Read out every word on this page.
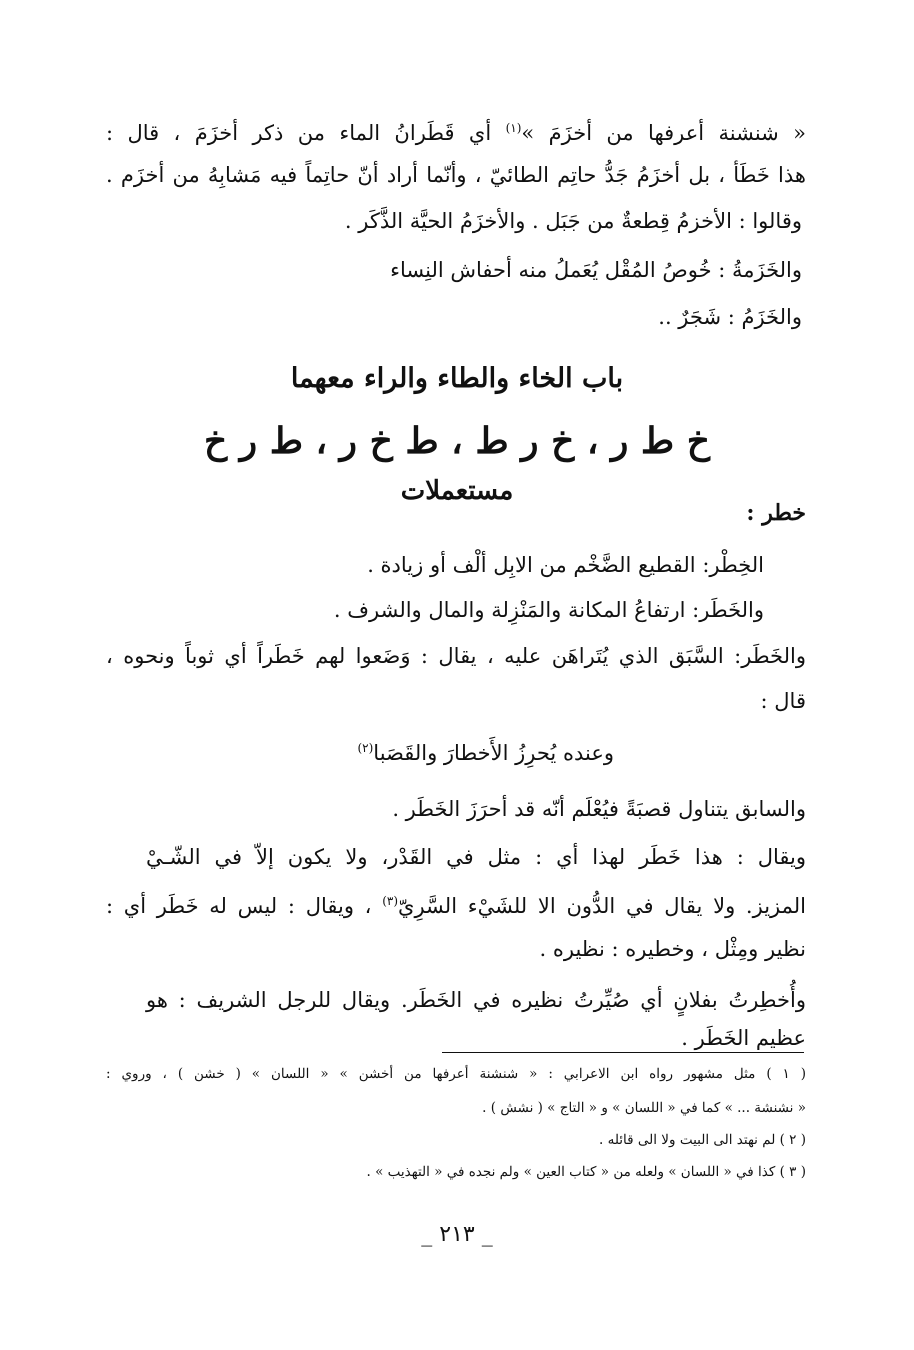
« شنشنة أعرفها من أخزَمَ »$^{(١)}$ أي قَطَرانُ الماء من ذكر أخزَمَ ، قال :
هذا خَطَأ ، بل أخزَمُ جَدُّ حاتِم الطائيّ ، وأنّما أراد أنّ حاتِماً فيه مَشابِهُ من أخزَم .
وقالوا : الأخزمُ قِطعةٌ من جَبَل . والأخزَمُ الحيَّة الذَّكَر .
والخَزَمةُ : خُوصُ المُقْل يُعَملُ منه أحفاش النِساء
والخَزَمُ : شَجَرٌ ..
باب الخاء والطاء والراء معهما
خ ط ر ، خ ر ط ، ط خ ر ، ط ر خ
مستعملات
خطر :
الخِطْر: القطيع الضَّخْم من الابِل ألْف أو زيادة .
والخَطَر: ارتفاعُ المكانة والمَنْزِلة والمال والشرف .
والخَطَر: السَّبَق الذي يُتَراهَن عليه ، يقال : وَضَعوا لهم خَطَراً أي ثوباً ونحوه ،
قال :
وعنده يُحرِزُ الأَخطارَ والقَصَبا$^{(٢)}$
والسابق يتناول قصبَةً فيُعْلَم أنّه قد أحرَزَ الخَطَر .
ويقال : هذا خَطَر لهذا أي : مثل في القَدْر، ولا يكون إلاّ في الشّـيْ
المزيز. ولا يقال في الدُّون الا للشَيْء السَّرِيّ$^{(٣)}$ ، ويقال : ليس له خَطَر أي :
نظير ومِثْل ، وخطيره : نظيره .
وأُخطِرتُ بفلانٍ أي صُيِّرتُ نظيره في الخَطَر. ويقال للرجل الشريف : هو
عظيم الخَطَر .
( ١ ) مثل مشهور رواه ابن الاعرابي : « شنشنة أعرفها من أخشن » « اللسان » ( خشن ) ، وروي :
« نشنشة ... » كما في « اللسان » و « التاج » ( نشش ) .
( ٢ ) لم نهتد الى البيت ولا الى قائله .
( ٣ ) كذا في « اللسان » ولعله من « كتاب العين » ولم نجده في « التهذيب » .
_ ٢١٣ _
